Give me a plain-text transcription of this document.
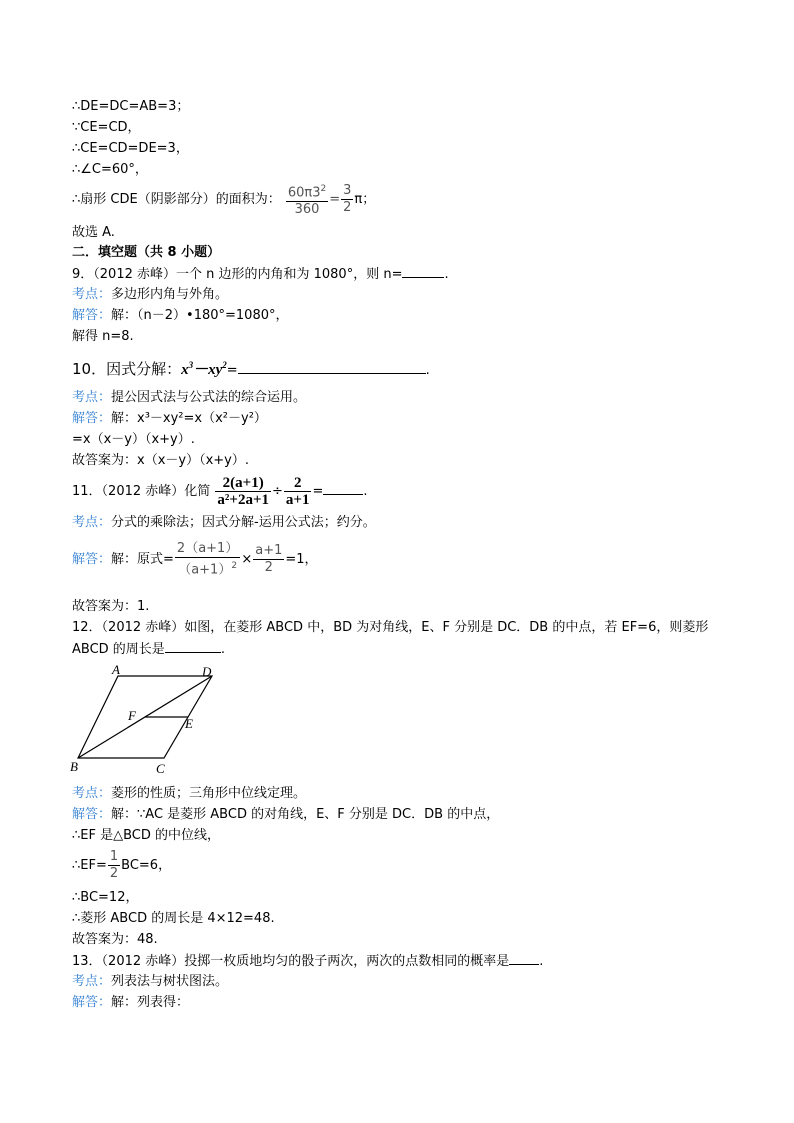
∴DE=DC=AB=3；
∵CE=CD，
∴CE=CD=DE=3，
∴∠C=60°，
∴扇形 CDE（阴影部分）的面积为： $\frac{60\pi 3^2}{360} = \frac{3}{2}$ π；
故选 A.
二．填空题（共 8 小题）
9．（2012 赤峰）一个 n 边形的内角和为 1080°，则 n=	.
考点：多边形内角与外角。
解答：解：（n－2）•180°=1080°，
解得 n=8.
10．因式分解：$x^3-xy^2=$	.
考点：提公因式法与公式法的综合运用。
解答：解：x³－xy²=x（x²－y²）
=x（x－y）（x+y）.
故答案为：x（x－y）（x+y）.
11．（2012 赤峰）化简 $\frac{2(a+1)}{\text{a²+2a+1}} \div \frac{2}{a+1}$ =	.
考点：分式的乘除法；因式分解-运用公式法；约分。
解答：解：原式= $\frac{2(a+1)}{(a+1)^2} \times \frac{a+1}{2} =1$，
故答案为：1.
12．（2012 赤峰）如图，在菱形 ABCD 中，BD 为对角线，E、F 分别是 DC．DB 的中点，若 EF=6，则菱形
ABCD 的周长是	.
A	D
F
E
B	C
考点：菱形的性质；三角形中位线定理。
解答：解：∵AC 是菱形 ABCD 的对角线，E、F 分别是 DC．DB 的中点，
∴EF 是△BCD 的中位线，
∴EF= $\frac{1}{2} BC=6$，
∴BC=12，
∴菱形 ABCD 的周长是 4×12=48.
故答案为：48.
13．（2012 赤峰）投掷一枚质地均匀的骰子两次，两次的点数相同的概率是 .
考点：列表法与树状图法。
解答：解：列表得：
